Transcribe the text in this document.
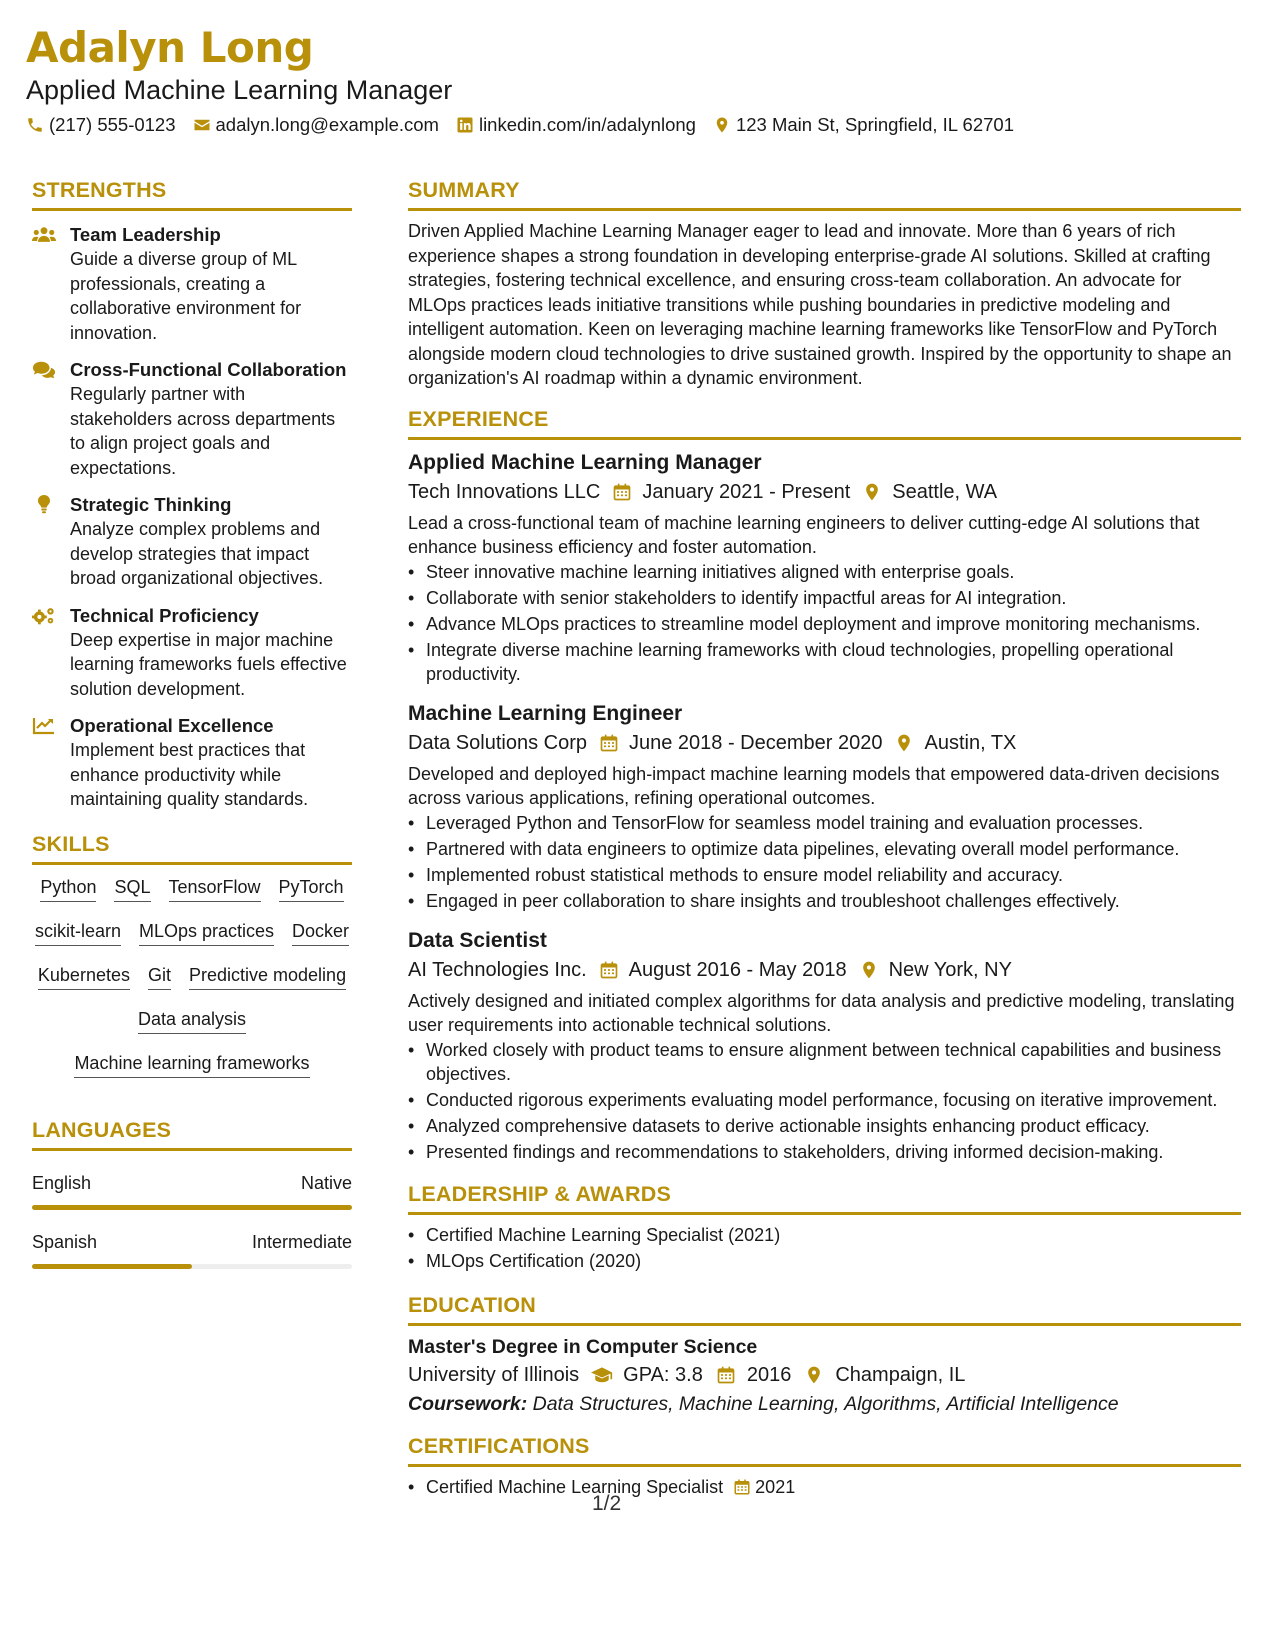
Adalyn Long
Applied Machine Learning Manager
(217) 555-0123 adalyn.long@example.com linkedin.com/in/adalynlong 123 Main St, Springfield, IL 62701
STRENGTHS
Team Leadership
Guide a diverse group of ML professionals, creating a collaborative environment for innovation.
Cross-Functional Collaboration
Regularly partner with stakeholders across departments to align project goals and expectations.
Strategic Thinking
Analyze complex problems and develop strategies that impact broad organizational objectives.
Technical Proficiency
Deep expertise in major machine learning frameworks fuels effective solution development.
Operational Excellence
Implement best practices that enhance productivity while maintaining quality standards.
SKILLS
Python SQL TensorFlow PyTorch
scikit-learn MLOps practices Docker
Kubernetes Git Predictive modeling
Data analysis
Machine learning frameworks
LANGUAGES
English	Native
Spanish	Intermediate
SUMMARY
Driven Applied Machine Learning Manager eager to lead and innovate. More than 6 years of rich experience shapes a strong foundation in developing enterprise-grade AI solutions. Skilled at crafting strategies, fostering technical excellence, and ensuring cross-team collaboration. An advocate for MLOps practices leads initiative transitions while pushing boundaries in predictive modeling and intelligent automation. Keen on leveraging machine learning frameworks like TensorFlow and PyTorch alongside modern cloud technologies to drive sustained growth. Inspired by the opportunity to shape an organization's AI roadmap within a dynamic environment.
EXPERIENCE
Applied Machine Learning Manager
Tech Innovations LLC January 2021 - Present Seattle, WA
Lead a cross-functional team of machine learning engineers to deliver cutting-edge AI solutions that enhance business efficiency and foster automation.
• Steer innovative machine learning initiatives aligned with enterprise goals.
• Collaborate with senior stakeholders to identify impactful areas for AI integration.
• Advance MLOps practices to streamline model deployment and improve monitoring mechanisms.
• Integrate diverse machine learning frameworks with cloud technologies, propelling operational productivity.
Machine Learning Engineer
Data Solutions Corp June 2018 - December 2020 Austin, TX
Developed and deployed high-impact machine learning models that empowered data-driven decisions across various applications, refining operational outcomes.
• Leveraged Python and TensorFlow for seamless model training and evaluation processes.
• Partnered with data engineers to optimize data pipelines, elevating overall model performance.
• Implemented robust statistical methods to ensure model reliability and accuracy.
• Engaged in peer collaboration to share insights and troubleshoot challenges effectively.
Data Scientist
AI Technologies Inc. August 2016 - May 2018 New York, NY
Actively designed and initiated complex algorithms for data analysis and predictive modeling, translating user requirements into actionable technical solutions.
• Worked closely with product teams to ensure alignment between technical capabilities and business objectives.
• Conducted rigorous experiments evaluating model performance, focusing on iterative improvement.
• Analyzed comprehensive datasets to derive actionable insights enhancing product efficacy.
• Presented findings and recommendations to stakeholders, driving informed decision-making.
LEADERSHIP & AWARDS
• Certified Machine Learning Specialist (2021)
• MLOps Certification (2020)
EDUCATION
Master's Degree in Computer Science
University of Illinois GPA: 3.8 2016 Champaign, IL
Coursework: Data Structures, Machine Learning, Algorithms, Artificial Intelligence
CERTIFICATIONS
• Certified Machine Learning Specialist 2021
1/2
